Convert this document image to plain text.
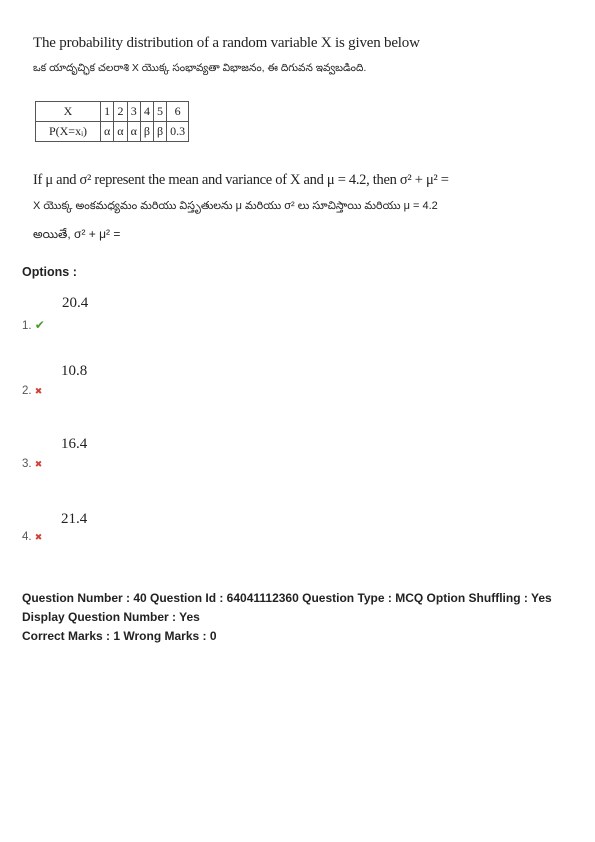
The probability distribution of a random variable X is given below
ఒక యాదృచ్ఛిక చలరాశి X యొక్క సంభావ్యతా విభాజనం, ఈ దిగువన ఇవ్వబడింది.
X	1	2	3	4	5	6
P(X=xᵢ)	α	α	α	β	β	0.3
If μ and σ² represent the mean and variance of X and μ = 4.2, then σ² + μ² =
X యొక్క అంకమధ్యమం మరియు విస్తృతులను μ మరియు σ² లు సూచిస్తాయి మరియు μ = 4.2
అయితే, σ² + μ² =
Options :
20.4
1. ✔
10.8
2. ✖
16.4
3. ✖
21.4
4. ✖
Question Number : 40 Question Id : 64041112360 Question Type : MCQ Option Shuffling : Yes
Display Question Number : Yes
Correct Marks : 1 Wrong Marks : 0
